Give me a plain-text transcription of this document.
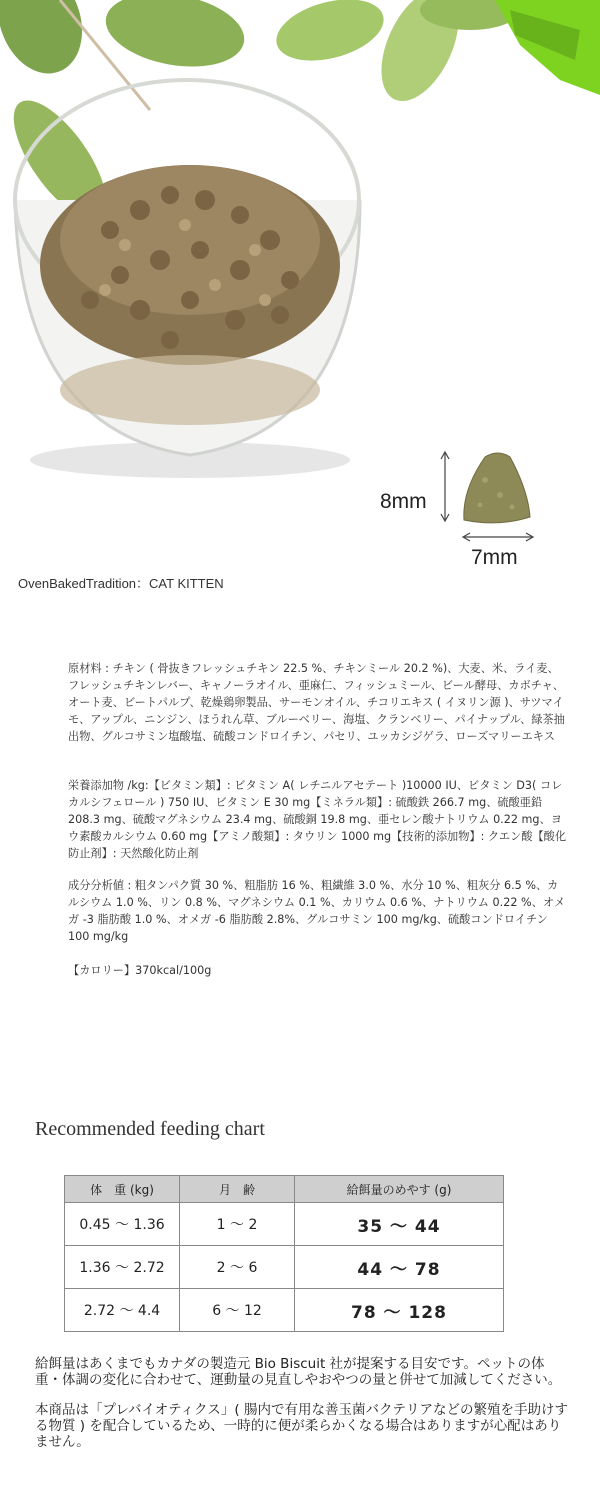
8mm
7mm
OvenBakedTradition：CAT KITTEN

原材料 : チキン ( 骨抜きフレッシュチキン 22.5 %、チキンミール 20.2 %)、大麦、米、ライ麦、フレッシュチキンレバー、キャノーラオイル、亜麻仁、フィッシュミール、ビール酵母、カボチャ、オート麦、ビートパルプ、乾燥鶏卵製品、サーモンオイル、チコリエキス ( イヌリン源 )、サツマイモ、アップル、ニンジン、ほうれん草、ブルーベリー、海塩、クランベリー、パイナップル、緑茶抽出物、グルコサミン塩酸塩、硫酸コンドロイチン、パセリ、ユッカシジゲラ、ローズマリーエキス

栄養添加物 /kg:【ビタミン類】: ビタミン A( レチニルアセテート )10000 IU、ビタミン D3( コレカルシフェロール ) 750 IU、ビタミン E 30 mg【ミネラル類】: 硫酸鉄 266.7 mg、硫酸亜鉛 208.3 mg、硫酸マグネシウム 23.4 mg、硫酸銅 19.8 mg、亜セレン酸ナトリウム 0.22 mg、ヨウ素酸カルシウム 0.60 mg【アミノ酸類】: タウリン 1000 mg【技術的添加物】: クエン酸【酸化防止剤】: 天然酸化防止剤

成分分析値 : 粗タンパク質 30 %、粗脂肪 16 %、粗繊維 3.0 %、水分 10 %、粗灰分 6.5 %、カルシウム 1.0 %、リン 0.8 %、マグネシウム 0.1 %、カリウム 0.6 %、ナトリウム 0.22 %、オメガ -3 脂肪酸 1.0 %、オメガ -6 脂肪酸 2.8%、グルコサミン 100 mg/kg、硫酸コンドロイチン 100 mg/kg

【カロリー】370kcal/100g

Recommended feeding chart
体　重 (kg)	月　齢	給餌量のめやす (g)
0.45 ～ 1.36	1 ～ 2	35 ～ 44
1.36 ～ 2.72	2 ～ 6	44 ～ 78
2.72 ～ 4.4	6 ～ 12	78 ～ 128

給餌量はあくまでもカナダの製造元 Bio Biscuit 社が提案する目安です。ペットの体重・体調の変化に合わせて、運動量の見直しやおやつの量と併せて加減してください。

本商品は「プレバイオティクス」( 腸内で有用な善玉菌バクテリアなどの繁殖を手助けする物質 ) を配合しているため、一時的に便が柔らかくなる場合はありますが心配はありません。
